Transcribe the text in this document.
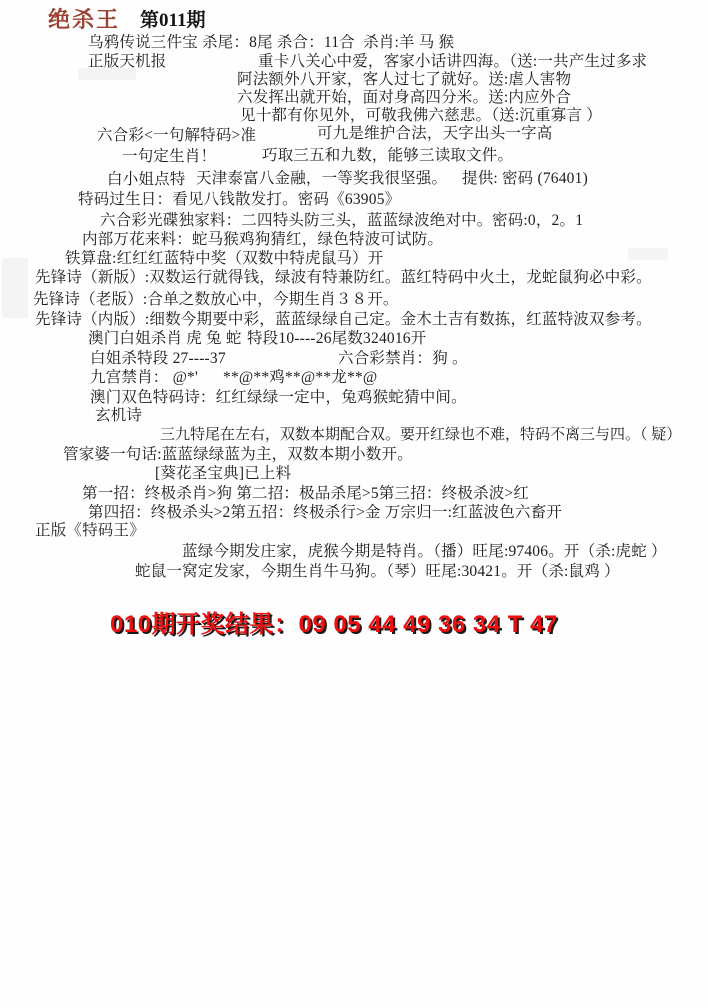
绝杀王 第011期
乌鸦传说三件宝 杀尾：8尾 杀合：11合  杀肖:羊 马 猴
正版天机报	重卡八关心中爱，客家小话讲四海。（送:一共产生过多求
阿法额外八开家，客人过七了就好。送:虐人害物
六发挥出就开始，面对身高四分米。送:内应外合
见十都有你见外，可敬我佛六慈悲。（送:沉重寡言 ）
六合彩<一句解特码>准	可九是维护合法，天字出头一字高
一句定生肖！	巧取三五和九数，能够三读取文件。
白小姐点特 天津泰富八金融，一等奖我很坚强。 提供: 密码 (76401)
特码过生日：看见八钱散发打。密码《63905》
六合彩光碟独家料：二四特头防三头，蓝蓝绿波绝对中。 密码:0，2。1
内部万花来料：蛇马猴鸡狗猜红，绿色特波可试防。
铁算盘:红红红蓝特中奖（双数中特虎鼠马）开
先锋诗（新版）:双数运行就得钱，绿波有特兼防红。蓝红特码中火土，龙蛇鼠狗必中彩。
先锋诗（老版）:合单之数放心中，今期生肖３８开。
先锋诗（内版）:细数今期要中彩，蓝蓝绿绿自己定。金木土吉有数拣，红蓝特波双参考。
澳门白姐杀肖 虎 兔 蛇 特段10----26尾数324016开
白姐杀特段 27----37	六合彩禁肖：狗 。
九宫禁肖： @*' **@**鸡**@**龙**@
澳门双色特码诗：红红绿绿一定中，兔鸡猴蛇猜中间。
玄机诗
三九特尾在左右，双数本期配合双。要开红绿也不难，特码不离三与四。（ 疑）
管家婆一句话:蓝蓝绿绿蓝为主，双数本期小数开。
[葵花圣宝典]已上料
第一招：终极杀肖>狗 第二招：极品杀尾>5第三招：终极杀波>红
第四招：终极杀头>2第五招：终极杀行>金 万宗归一:红蓝波色六畜开
正版《特码王》
蓝绿今期发庄家，虎猴今期是特肖。（播）旺尾:97406。开（杀:虎蛇 ）
蛇鼠一窝定发家，今期生肖牛马狗。（琴）旺尾:30421。开（杀:鼠鸡 ）
010期开奖结果：09 05 44 49 36 34 T 47
